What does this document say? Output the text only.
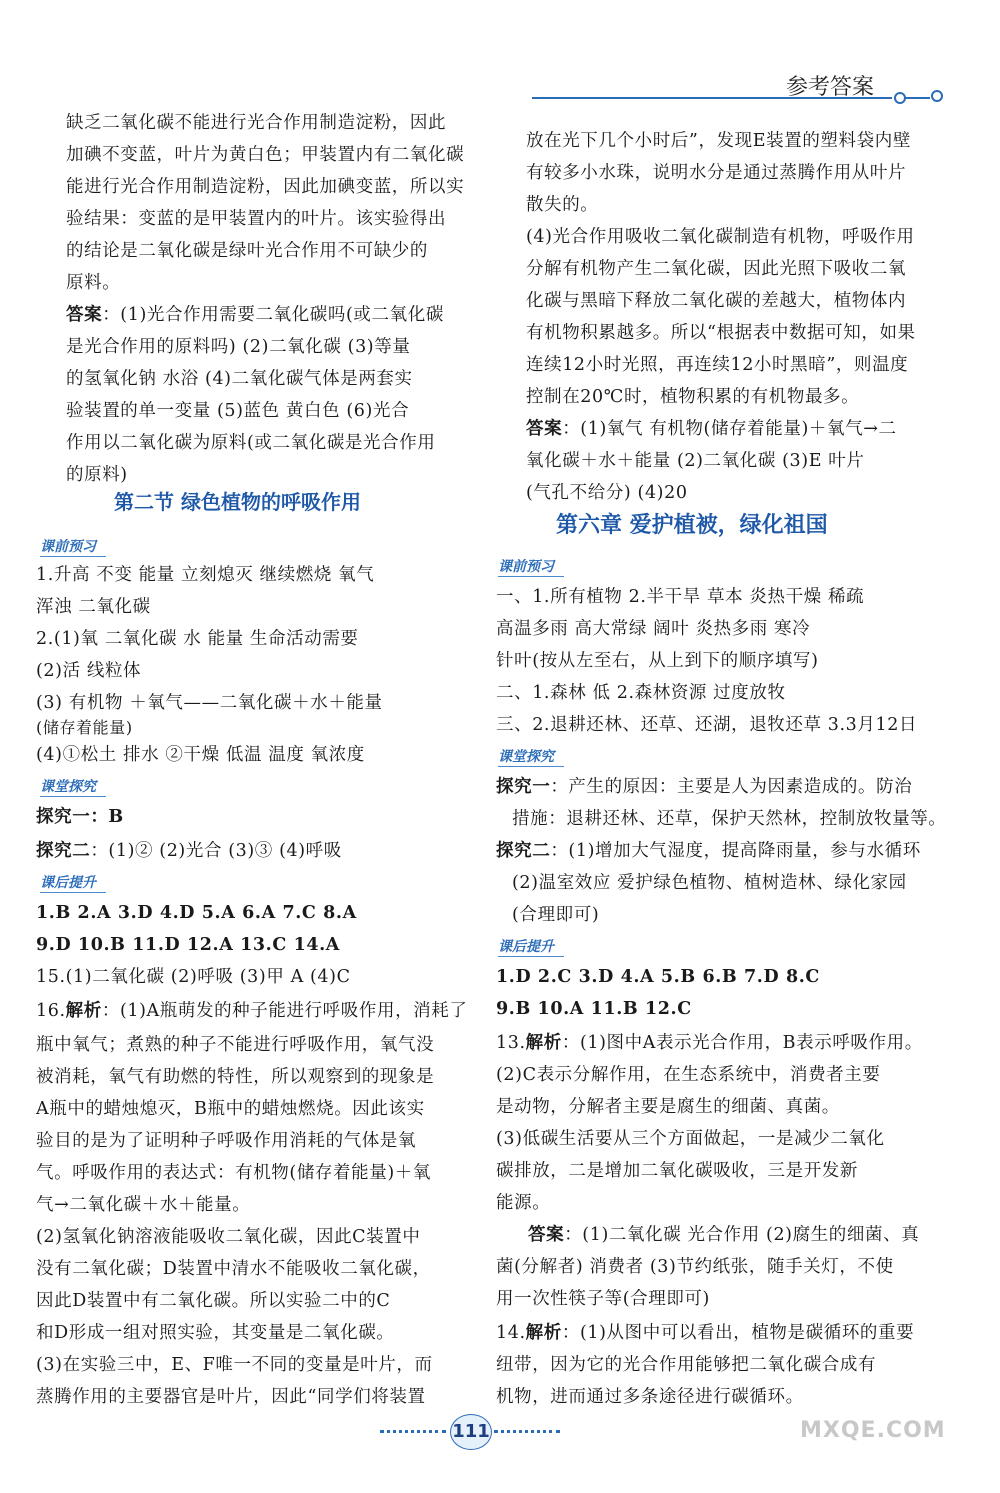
参考答案
缺乏二氧化碳不能进行光合作用制造淀粉，因此
加碘不变蓝，叶片为黄白色；甲装置内有二氧化碳
能进行光合作用制造淀粉，因此加碘变蓝，所以实
验结果：变蓝的是甲装置内的叶片。该实验得出
的结论是二氧化碳是绿叶光合作用不可缺少的
原料。
答案：(1)光合作用需要二氧化碳吗(或二氧化碳
是光合作用的原料吗) (2)二氧化碳 (3)等量
的氢氧化钠 水浴 (4)二氧化碳气体是两套实
验装置的单一变量 (5)蓝色 黄白色 (6)光合
作用以二氧化碳为原料(或二氧化碳是光合作用
的原料)
第二节 绿色植物的呼吸作用
课前预习
1.升高 不变 能量 立刻熄灭 继续燃烧 氧气
浑浊 二氧化碳
2.(1)氧 二氧化碳 水 能量 生命活动需要
(2)活 线粒体
(3) 有机物 ＋氧气——二氧化碳＋水＋能量
(储存着能量)
(4)①松土 排水 ②干燥 低温 温度 氧浓度
课堂探究
探究一：B
探究二：(1)② (2)光合 (3)③ (4)呼吸
课后提升
1.B 2.A 3.D 4.D 5.A 6.A 7.C 8.A
9.D 10.B 11.D 12.A 13.C 14.A
15.(1)二氧化碳 (2)呼吸 (3)甲 A (4)C
16.解析：(1)A瓶萌发的种子能进行呼吸作用，消耗了
瓶中氧气；煮熟的种子不能进行呼吸作用，氧气没
被消耗，氧气有助燃的特性，所以观察到的现象是
A瓶中的蜡烛熄灭，B瓶中的蜡烛燃烧。因此该实
验目的是为了证明种子呼吸作用消耗的气体是氧
气。呼吸作用的表达式：有机物(储存着能量)＋氧
气→二氧化碳＋水＋能量。
(2)氢氧化钠溶液能吸收二氧化碳，因此C装置中
没有二氧化碳；D装置中清水不能吸收二氧化碳，
因此D装置中有二氧化碳。所以实验二中的C
和D形成一组对照实验，其变量是二氧化碳。
(3)在实验三中，E、F唯一不同的变量是叶片，而
蒸腾作用的主要器官是叶片，因此“同学们将装置
放在光下几个小时后”，发现E装置的塑料袋内壁
有较多小水珠，说明水分是通过蒸腾作用从叶片
散失的。
(4)光合作用吸收二氧化碳制造有机物，呼吸作用
分解有机物产生二氧化碳，因此光照下吸收二氧
化碳与黑暗下释放二氧化碳的差越大，植物体内
有机物积累越多。所以“根据表中数据可知，如果
连续12小时光照，再连续12小时黑暗”，则温度
控制在20℃时，植物积累的有机物最多。
答案：(1)氧气 有机物(储存着能量)＋氧气→二
氧化碳＋水＋能量 (2)二氧化碳 (3)E 叶片
(气孔不给分) (4)20
第六章 爱护植被，绿化祖国
课前预习
一、1.所有植物 2.半干旱 草本 炎热干燥 稀疏
高温多雨 高大常绿 阔叶 炎热多雨 寒冷
针叶(按从左至右，从上到下的顺序填写)
二、1.森林 低 2.森林资源 过度放牧
三、2.退耕还林、还草、还湖，退牧还草 3.3月12日
课堂探究
探究一：产生的原因：主要是人为因素造成的。防治
措施：退耕还林、还草，保护天然林，控制放牧量等。
探究二：(1)增加大气湿度，提高降雨量，参与水循环
(2)温室效应 爱护绿色植物、植树造林、绿化家园
(合理即可)
课后提升
1.D 2.C 3.D 4.A 5.B 6.B 7.D 8.C
9.B 10.A 11.B 12.C
13.解析：(1)图中A表示光合作用，B表示呼吸作用。
(2)C表示分解作用，在生态系统中，消费者主要
是动物，分解者主要是腐生的细菌、真菌。
(3)低碳生活要从三个方面做起，一是减少二氧化
碳排放，二是增加二氧化碳吸收，三是开发新
能源。
答案：(1)二氧化碳 光合作用 (2)腐生的细菌、真
菌(分解者) 消费者 (3)节约纸张，随手关灯，不使
用一次性筷子等(合理即可)
14.解析：(1)从图中可以看出，植物是碳循环的重要
纽带，因为它的光合作用能够把二氧化碳合成有
机物，进而通过多条途径进行碳循环。
111	MXQE.COM
